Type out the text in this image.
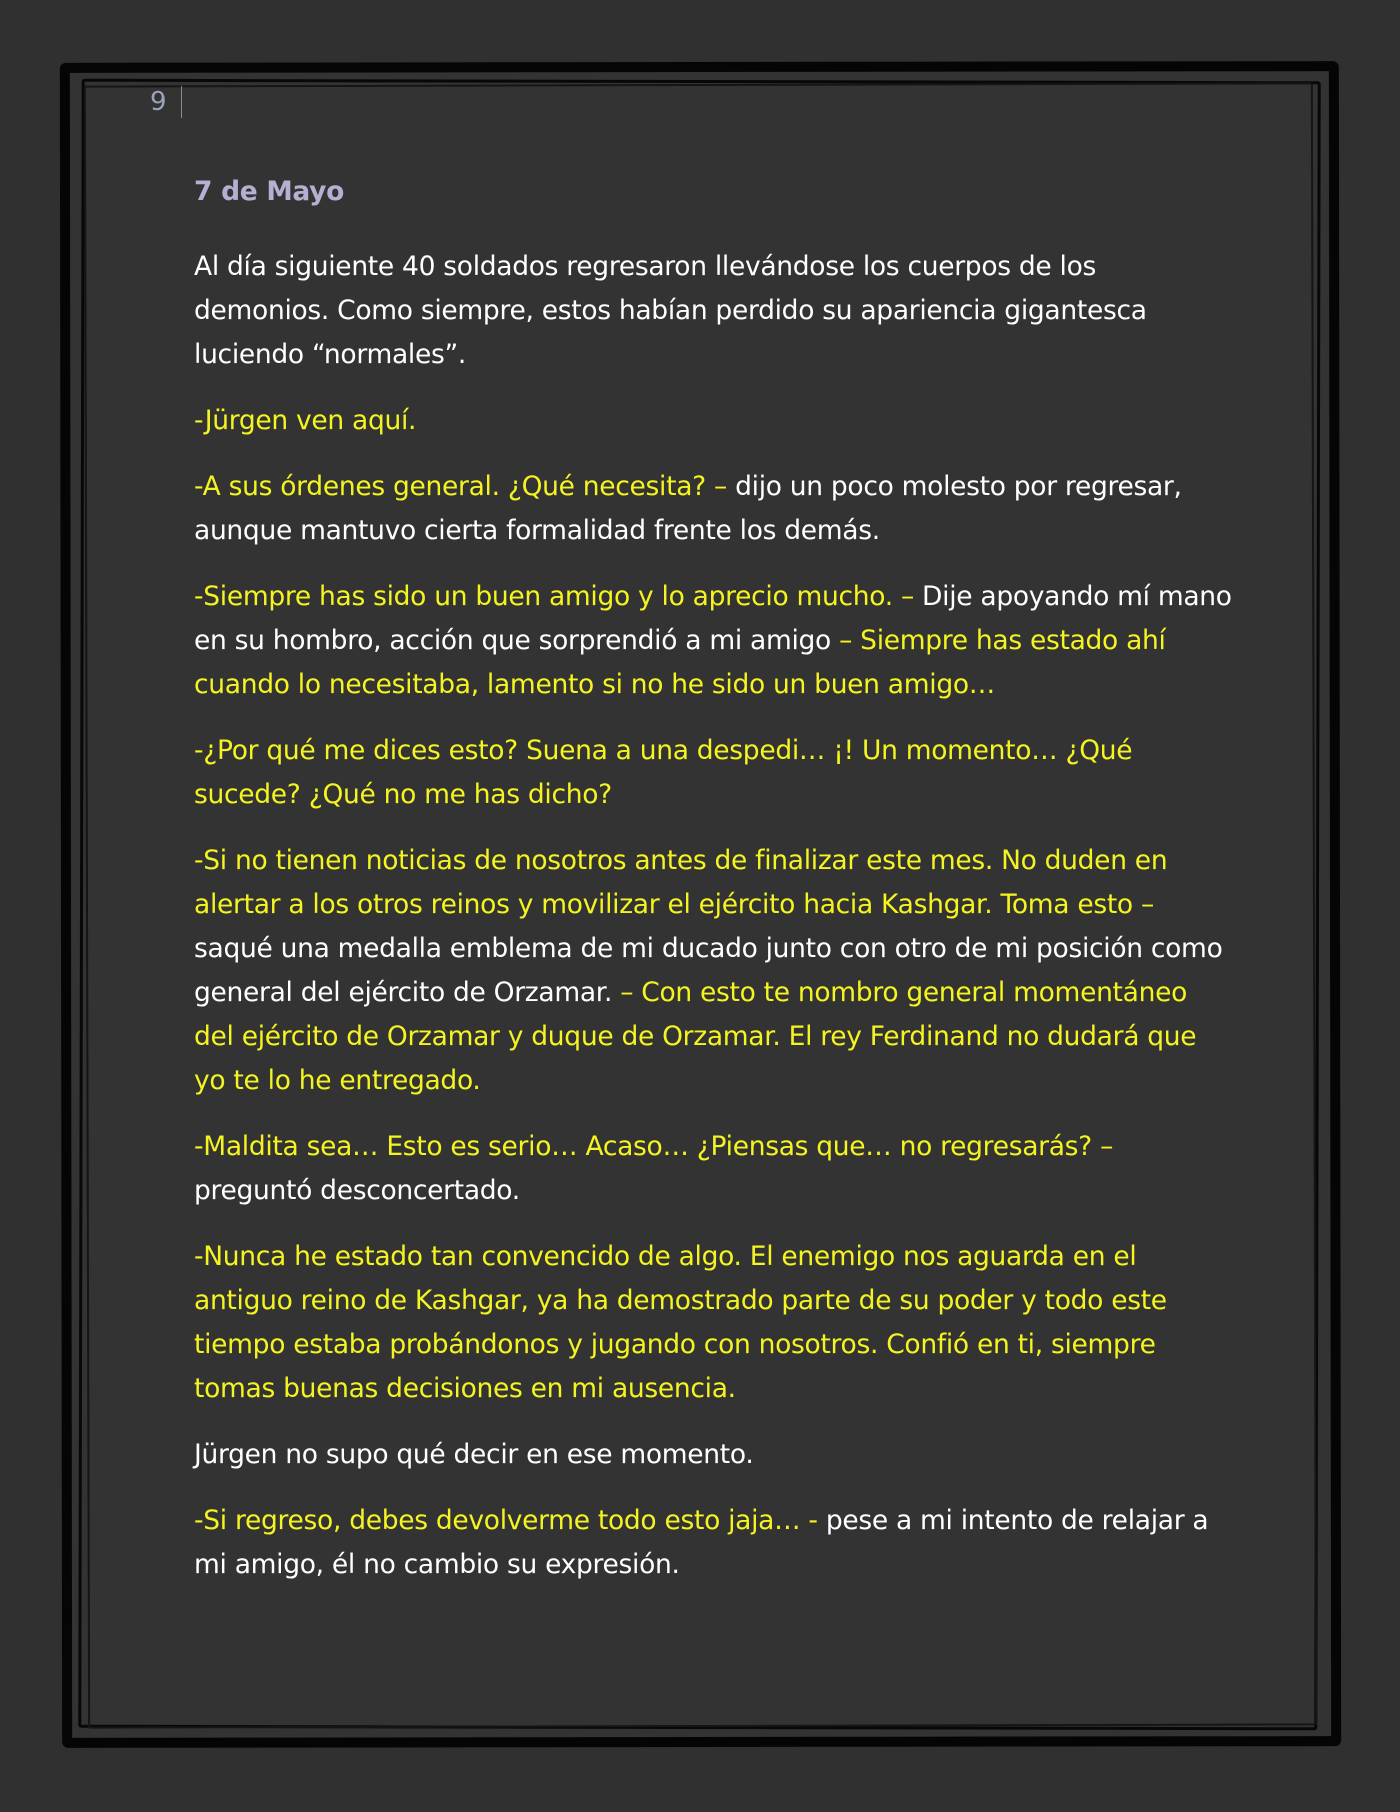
9
7 de Mayo

Al día siguiente 40 soldados regresaron llevándose los cuerpos de los demonios. Como siempre, estos habían perdido su apariencia gigantesca luciendo “normales”.

-Jürgen ven aquí.

-A sus órdenes general. ¿Qué necesita? – dijo un poco molesto por regresar, aunque mantuvo cierta formalidad frente los demás.

-Siempre has sido un buen amigo y lo aprecio mucho. – Dije apoyando mí mano en su hombro, acción que sorprendió a mi amigo – Siempre has estado ahí cuando lo necesitaba, lamento si no he sido un buen amigo…

-¿Por qué me dices esto? Suena a una despedi… ¡! Un momento… ¿Qué sucede? ¿Qué no me has dicho?

-Si no tienen noticias de nosotros antes de finalizar este mes. No duden en alertar a los otros reinos y movilizar el ejército hacia Kashgar. Toma esto – saqué una medalla emblema de mi ducado junto con otro de mi posición como general del ejército de Orzamar. – Con esto te nombro general momentáneo del ejército de Orzamar y duque de Orzamar. El rey Ferdinand no dudará que yo te lo he entregado.

-Maldita sea… Esto es serio… Acaso… ¿Piensas que… no regresarás? – preguntó desconcertado.

-Nunca he estado tan convencido de algo. El enemigo nos aguarda en el antiguo reino de Kashgar, ya ha demostrado parte de su poder y todo este tiempo estaba probándonos y jugando con nosotros. Confió en ti, siempre tomas buenas decisiones en mi ausencia.

Jürgen no supo qué decir en ese momento.

-Si regreso, debes devolverme todo esto jaja… - pese a mi intento de relajar a mi amigo, él no cambio su expresión.
